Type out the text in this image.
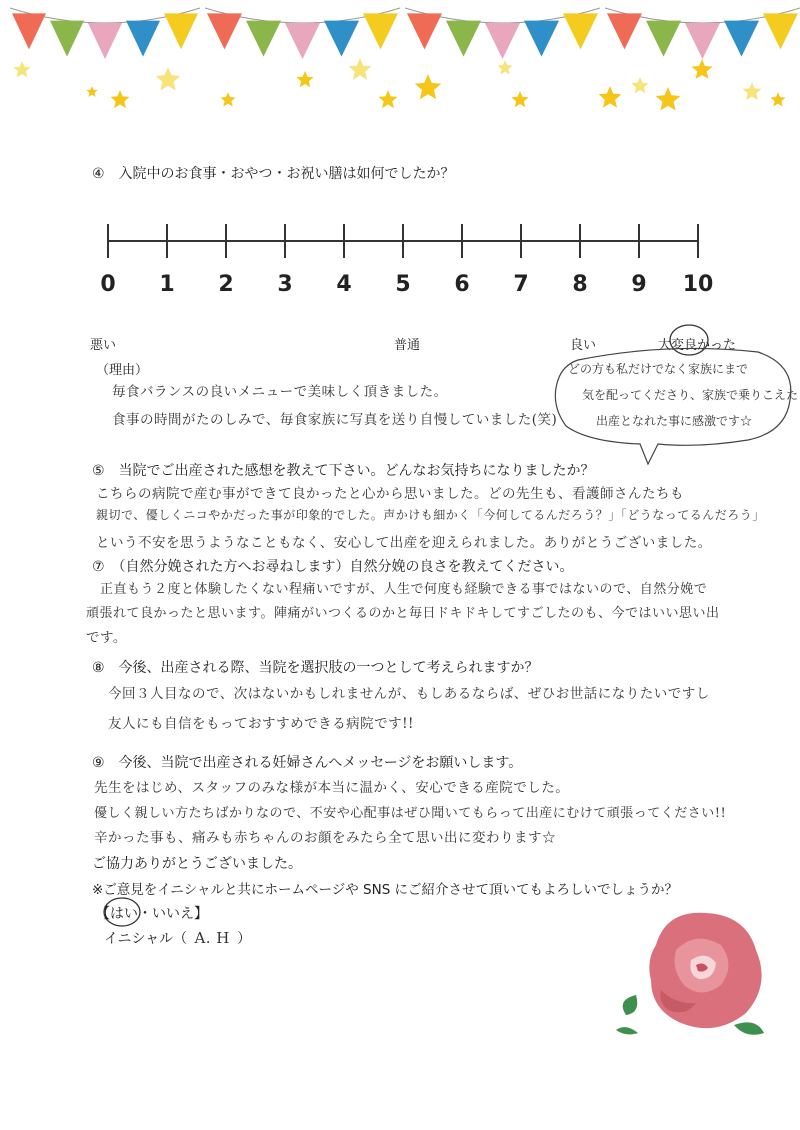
④　入院中のお食事・おやつ・お祝い膳は如何でしたか？
0	1	2	3	4	5	6	7	8	9	10
悪い	普通	良い	大変良かった
（理由）
毎食バランスの良いメニューで美味しく頂きました。
食事の時間がたのしみで、毎食家族に写真を送り自慢していました(笑)
どの方も私だけでなく家族にまで
気を配ってくださり、家族で乗りこえた
出産となれた事に感激です☆
⑤　当院でご出産された感想を教えて下さい。どんなお気持ちになりましたか？
こちらの病院で産む事ができて良かったと心から思いました。どの先生も、看護師さんたちも
親切で、優しくニコやかだった事が印象的でした。声かけも細かく「今何してるんだろう？」「どうなってるんだろう」
という不安を思うようなこともなく、安心して出産を迎えられました。ありがとうございました。
⑦　（自然分娩された方へお尋ねします）自然分娩の良さを教えてください。
正直もう２度と体験したくない程痛いですが、人生で何度も経験できる事ではないので、自然分娩で
頑張れて良かったと思います。陣痛がいつくるのかと毎日ドキドキしてすごしたのも、今ではいい思い出
です。
⑧　今後、出産される際、当院を選択肢の一つとして考えられますか？
今回３人目なので、次はないかもしれませんが、もしあるならば、ぜひお世話になりたいですし
友人にも自信をもっておすすめできる病院です!!
⑨　今後、当院で出産される妊婦さんへメッセージをお願いします。
先生をはじめ、スタッフのみな様が本当に温かく、安心できる産院でした。
優しく親しい方たちばかりなので、不安や心配事はぜひ聞いてもらって出産にむけて頑張ってください!!
辛かった事も、痛みも赤ちゃんのお顔をみたら全て思い出に変わります☆
ご協力ありがとうございました。
※ご意見をイニシャルと共にホームページや SNS にご紹介させて頂いてもよろしいでしょうか？
【はい・いいえ】
イニシャル（ A. H ）
